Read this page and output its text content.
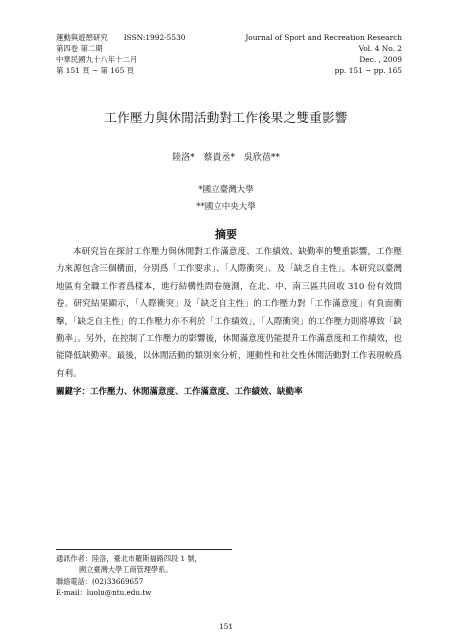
運動與遊憩研究 ISSN:1992-5530
第四卷 第二期
中華民國九十八年十二月
第 151 頁 ~ 第 165 頁
Journal of Sport and Recreation Research
Vol. 4 No. 2
Dec. , 2009
pp. 151 ~ pp. 165
工作壓力與休閒活動對工作後果之雙重影響
陸洛* 蔡貴丞* 吳欣蓓**
*國立臺灣大學
**國立中央大學
摘要

本研究旨在探討工作壓力與休閒對工作滿意度、工作績效、缺勤率的雙重影響，工作壓力來源包含三個構面，分別爲「工作要求」、「人際衝突」、及「缺乏自主性」。本研究以臺灣地區有全職工作者爲樣本，進行結構性問卷施測，在北、中、南三區共回收 310 份有效問卷。研究結果顯示，「人際衝突」及「缺乏自主性」的工作壓力對「工作滿意度」有負面衝擊，「缺乏自主性」的工作壓力亦不利於「工作績效」，「人際衝突」的工作壓力則將導致「缺勤率」。另外，在控制了工作壓力的影響後，休閒滿意度仍能提升工作滿意度和工作績效，也能降低缺勤率。最後，以休閒活動的類別來分析，運動性和社交性休閒活動對工作表現較爲有利。

關鍵字：工作壓力、休閒滿意度、工作滿意度、工作績效、缺勤率
通訊作者：陸洛，臺北市羅斯福路四段 1 號，
國立臺灣大學工商管理學系。
聯絡電話：(02)33669657
E-mail：luolu@ntu.edu.tw
151
